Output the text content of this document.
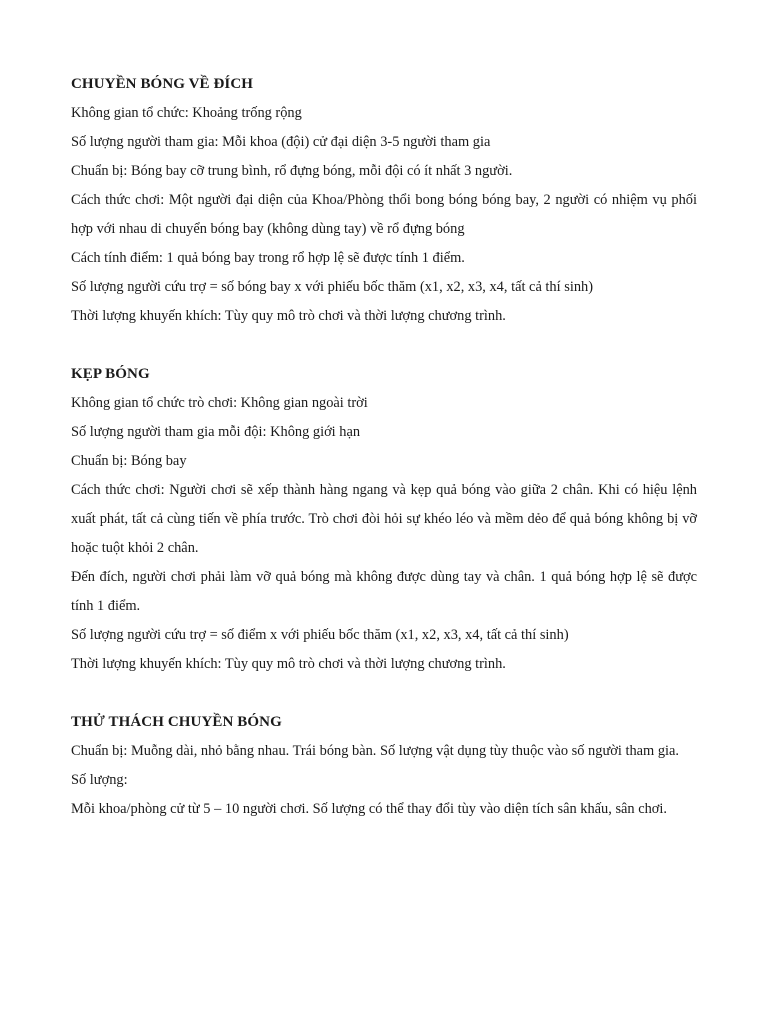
CHUYỀN BÓNG VỀ ĐÍCH

Không gian tổ chức: Khoảng trống rộng

Số lượng người tham gia: Mỗi khoa (đội) cử đại diện 3-5 người tham gia

Chuẩn bị: Bóng bay cỡ trung bình, rổ đựng bóng, mỗi đội có ít nhất 3 người.

Cách thức chơi: Một người đại diện của Khoa/Phòng thổi bong bóng bóng bay, 2 người có nhiệm vụ phối hợp với nhau di chuyển bóng bay (không dùng tay) về rổ đựng bóng

Cách tính điểm: 1 quả bóng bay trong rổ hợp lệ sẽ được tính 1 điểm.

Số lượng người cứu trợ = số bóng bay x với phiếu bốc thăm (x1, x2, x3, x4, tất cả thí sinh)

Thời lượng khuyến khích: Tùy quy mô trò chơi và thời lượng chương trình.

KẸP BÓNG

Không gian tổ chức trò chơi: Không gian ngoài trời

Số lượng người tham gia mỗi đội: Không giới hạn

Chuẩn bị: Bóng bay

Cách thức chơi: Người chơi sẽ xếp thành hàng ngang và kẹp quả bóng vào giữa 2 chân. Khi có hiệu lệnh xuất phát, tất cả cùng tiến về phía trước. Trò chơi đòi hỏi sự khéo léo và mềm dẻo để quả bóng không bị vỡ hoặc tuột khỏi 2 chân.

Đến đích, người chơi phải làm vỡ quả bóng mà không được dùng tay và chân. 1 quả bóng hợp lệ sẽ được tính 1 điểm.

Số lượng người cứu trợ = số điểm x với phiếu bốc thăm (x1, x2, x3, x4, tất cả thí sinh)

Thời lượng khuyến khích: Tùy quy mô trò chơi và thời lượng chương trình.

THỬ THÁCH CHUYỀN BÓNG

Chuẩn bị: Muỗng dài, nhỏ bằng nhau. Trái bóng bàn. Số lượng vật dụng tùy thuộc vào số người tham gia.

Số lượng:

Mỗi khoa/phòng cử từ 5 – 10 người chơi. Số lượng có thể thay đổi tùy vào diện tích sân khấu, sân chơi.
